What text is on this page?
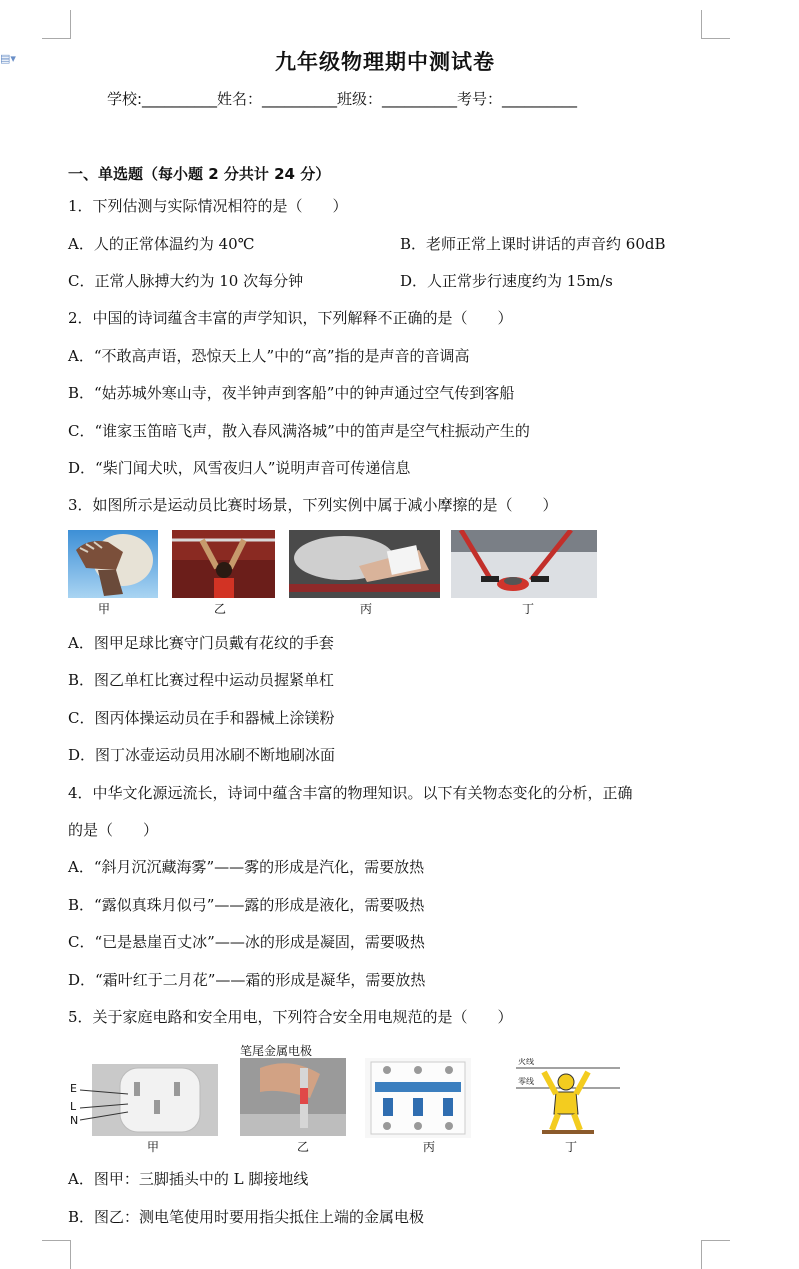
▤▾	九年级物理期中测试卷
学校:__________姓名：__________班级：__________考号：__________
一、单选题（每小题 2 分共计 24 分）
1．下列估测与实际情况相符的是（　　）
A．人的正常体温约为 40℃	B．老师正常上课时讲话的声音约 60dB
C．正常人脉搏大约为 10 次每分钟	D．人正常步行速度约为 15m/s
2．中国的诗词蕴含丰富的声学知识，下列解释不正确的是（　　）
A．“不敢高声语，恐惊天上人”中的“高”指的是声音的音调高
B．“姑苏城外寒山寺，夜半钟声到客船”中的钟声通过空气传到客船
C．“谁家玉笛暗飞声，散入春风满洛城”中的笛声是空气柱振动产生的
D．“柴门闻犬吠，风雪夜归人”说明声音可传递信息
3．如图所示是运动员比赛时场景，下列实例中属于减小摩擦的是（　　）
甲	乙	丙	丁
A．图甲足球比赛守门员戴有花纹的手套
B．图乙单杠比赛过程中运动员握紧单杠
C．图丙体操运动员在手和器械上涂镁粉
D．图丁冰壶运动员用冰刷不断地刷冰面
4．中华文化源远流长，诗词中蕴含丰富的物理知识。以下有关物态变化的分析，正确
的是（　　）
A．“斜月沉沉藏海雾”——雾的形成是汽化，需要放热
B．“露似真珠月似弓”——露的形成是液化，需要吸热
C．“已是悬崖百丈冰”——冰的形成是凝固，需要吸热
D．“霜叶红于二月花”——霜的形成是凝华，需要放热
5．关于家庭电路和安全用电，下列符合安全用电规范的是（　　）
E
L
N
笔尾金属电极
火线
零线
甲	乙	丙	丁
A．图甲：三脚插头中的 L 脚接地线
B．图乙：测电笔使用时要用指尖抵住上端的金属电极
